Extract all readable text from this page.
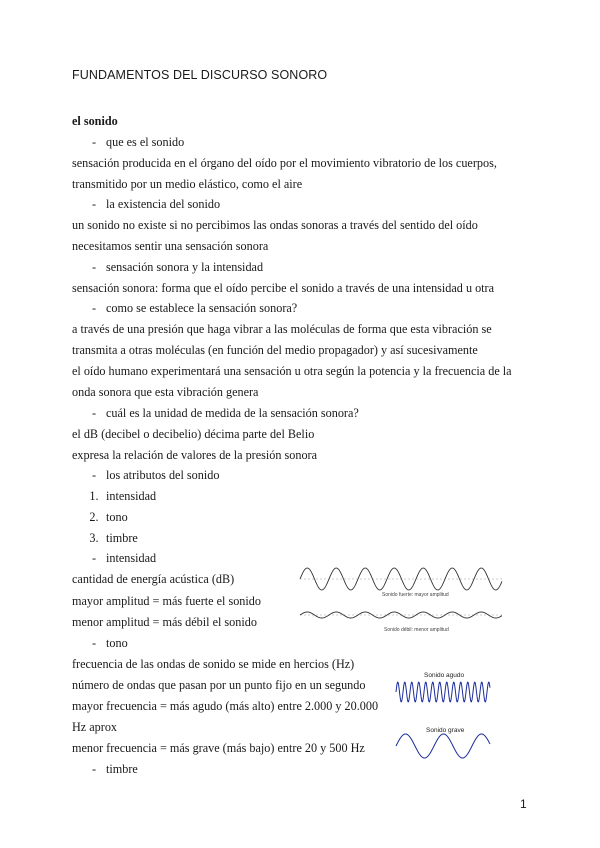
FUNDAMENTOS DEL DISCURSO SONORO
el sonido
- que es el sonido
sensación producida en el órgano del oído por el movimiento vibratorio de los cuerpos,
transmitido por un medio elástico, como el aire
- la existencia del sonido
un sonido no existe si no percibimos las ondas sonoras a través del sentido del oído
necesitamos sentir una sensación sonora
- sensación sonora y la intensidad
sensación sonora: forma que el oído percibe el sonido a través de una intensidad u otra
- como se establece la sensación sonora?
a través de una presión que haga vibrar a las moléculas de forma que esta vibración se
transmita a otras moléculas (en función del medio propagador) y así sucesivamente
el oído humano experimentará una sensación u otra según la potencia y la frecuencia de la
onda sonora que esta vibración genera
- cuál es la unidad de medida de la sensación sonora?
el dB (decibel o decibelio) décima parte del Belio
expresa la relación de valores de la presión sonora
- los atributos del sonido
1. intensidad
2. tono
3. timbre
- intensidad
cantidad de energía acústica (dB)
mayor amplitud = más fuerte el sonido
menor amplitud = más débil el sonido
- tono
frecuencia de las ondas de sonido se mide en hercios (Hz)
número de ondas que pasan por un punto fijo en un segundo
mayor frecuencia = más agudo (más alto) entre 2.000 y 20.000
Hz aprox
menor frecuencia = más grave (más bajo) entre 20 y 500 Hz
- timbre
Sonido fuerte: mayor amplitud
Sonido débil: menor amplitud
Sonido agudo
Sonido grave
1
